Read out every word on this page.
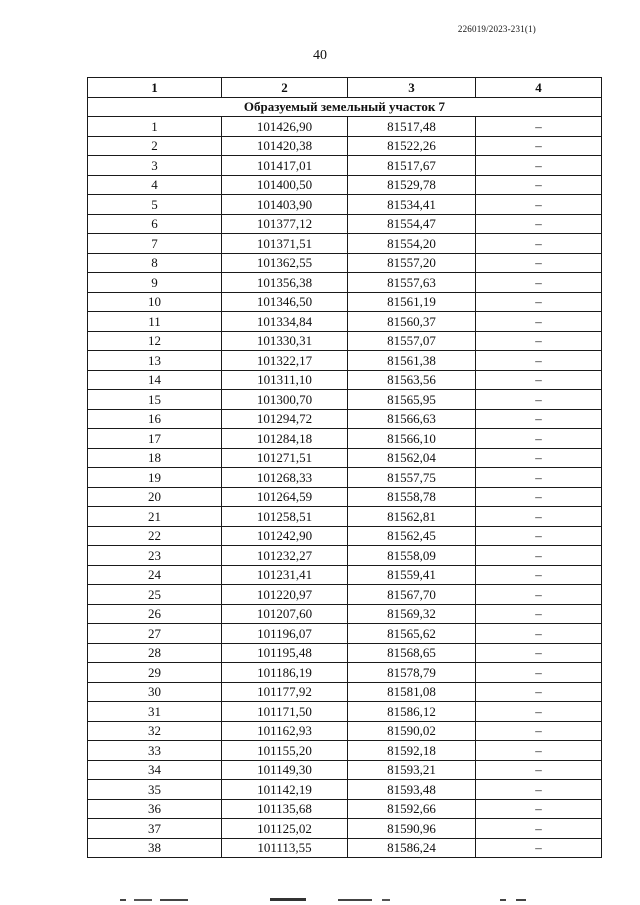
226019/2023-231(1)
40
1	2	3	4
Образуемый земельный участок 7			
1	101426,90	81517,48	–
2	101420,38	81522,26	–
3	101417,01	81517,67	–
4	101400,50	81529,78	–
5	101403,90	81534,41	–
6	101377,12	81554,47	–
7	101371,51	81554,20	–
8	101362,55	81557,20	–
9	101356,38	81557,63	–
10	101346,50	81561,19	–
11	101334,84	81560,37	–
12	101330,31	81557,07	–
13	101322,17	81561,38	–
14	101311,10	81563,56	–
15	101300,70	81565,95	–
16	101294,72	81566,63	–
17	101284,18	81566,10	–
18	101271,51	81562,04	–
19	101268,33	81557,75	–
20	101264,59	81558,78	–
21	101258,51	81562,81	–
22	101242,90	81562,45	–
23	101232,27	81558,09	–
24	101231,41	81559,41	–
25	101220,97	81567,70	–
26	101207,60	81569,32	–
27	101196,07	81565,62	–
28	101195,48	81568,65	–
29	101186,19	81578,79	–
30	101177,92	81581,08	–
31	101171,50	81586,12	–
32	101162,93	81590,02	–
33	101155,20	81592,18	–
34	101149,30	81593,21	–
35	101142,19	81593,48	–
36	101135,68	81592,66	–
37	101125,02	81590,96	–
38	101113,55	81586,24	–
